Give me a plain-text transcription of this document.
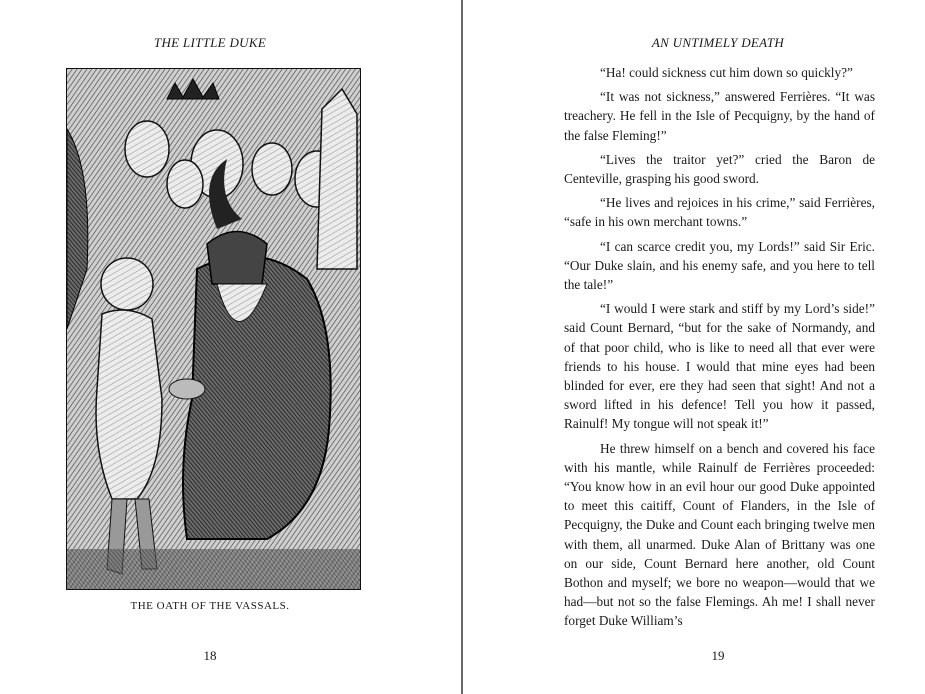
THE LITTLE DUKE
THE OATH OF THE VASSALS.
18
AN UNTIMELY DEATH

“Ha! could sickness cut him down so quickly?”

“It was not sickness,” answered Ferrières. “It was treachery. He fell in the Isle of Pecquigny, by the hand of the false Fleming!”

“Lives the traitor yet?” cried the Baron de Centeville, grasping his good sword.

“He lives and rejoices in his crime,” said Ferrières, “safe in his own merchant towns.”

“I can scarce credit you, my Lords!” said Sir Eric. “Our Duke slain, and his enemy safe, and you here to tell the tale!”

“I would I were stark and stiff by my Lord’s side!” said Count Bernard, “but for the sake of Normandy, and of that poor child, who is like to need all that ever were friends to his house. I would that mine eyes had been blinded for ever, ere they had seen that sight! And not a sword lifted in his defence! Tell you how it passed, Rainulf! My tongue will not speak it!”

He threw himself on a bench and covered his face with his mantle, while Rainulf de Ferrières proceeded: “You know how in an evil hour our good Duke appointed to meet this caitiff, Count of Flanders, in the Isle of Pecquigny, the Duke and Count each bringing twelve men with them, all unarmed. Duke Alan of Brittany was one on our side, Count Bernard here another, old Count Bothon and myself; we bore no weapon—would that we had—but not so the false Flemings. Ah me! I shall never forget Duke William’s

19
